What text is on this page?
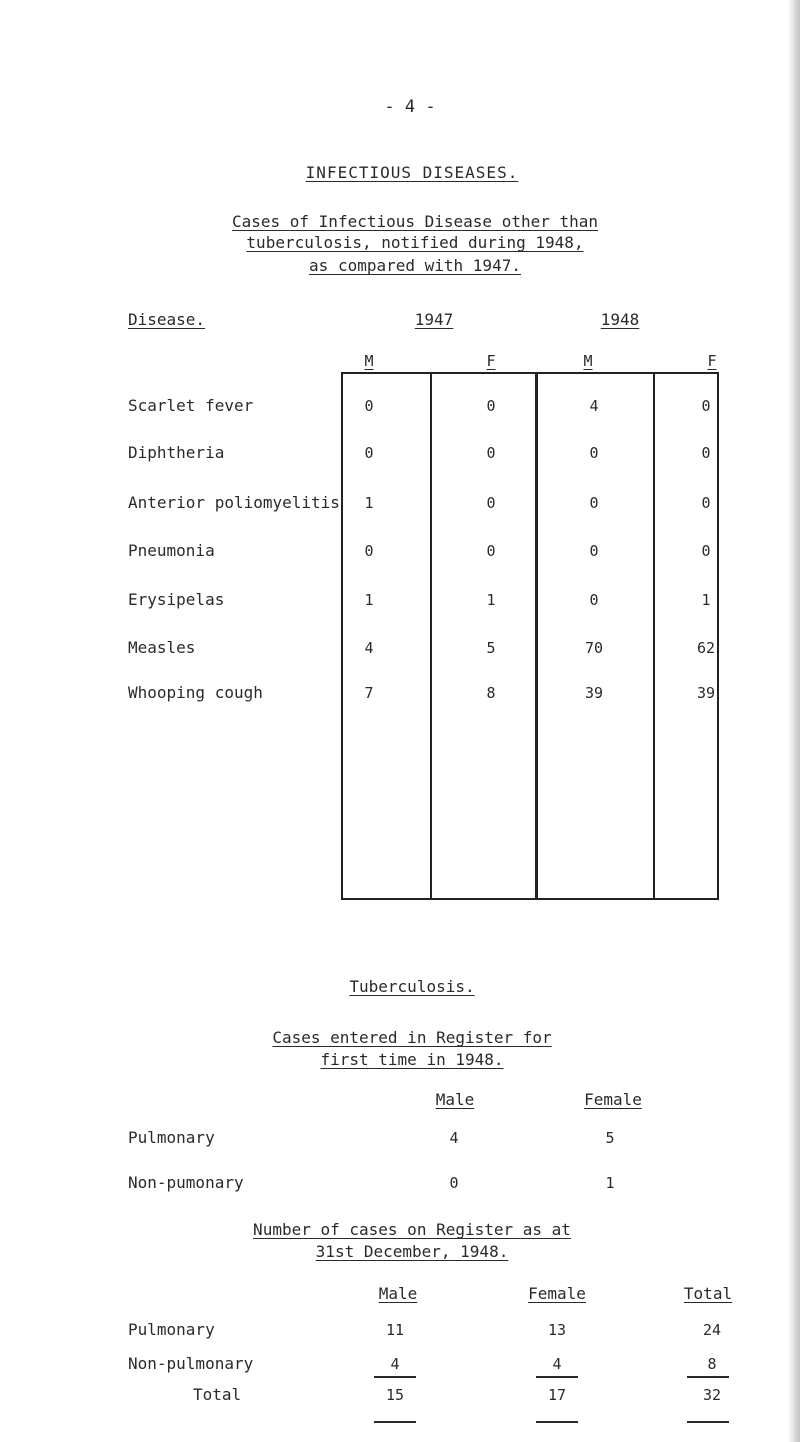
- 4 -
INFECTIOUS DISEASES.
Cases of Infectious Disease other than
tuberculosis, notified during 1948,
as compared with 1947.
Disease.	1947	1948
M	F	M	F
Scarlet fever	0	0	4	0
Diphtheria	0	0	0	0
Anterior poliomyelitis 1	0	0	0
Pneumonia	0	0	0	0
Erysipelas	1	1	0	1
Measles	4	5	70	62
Whooping cough	7	8	39	39
Tuberculosis.
Cases entered in Register for
first time in 1948.
Male	Female
Pulmonary	4	5
Non-pumonary	0	1
Number of cases on Register as at
31st December, 1948.
Male	Female	Total
Pulmonary	11	13	24
Non-pulmonary	4	4	8
Total	15	17	32
